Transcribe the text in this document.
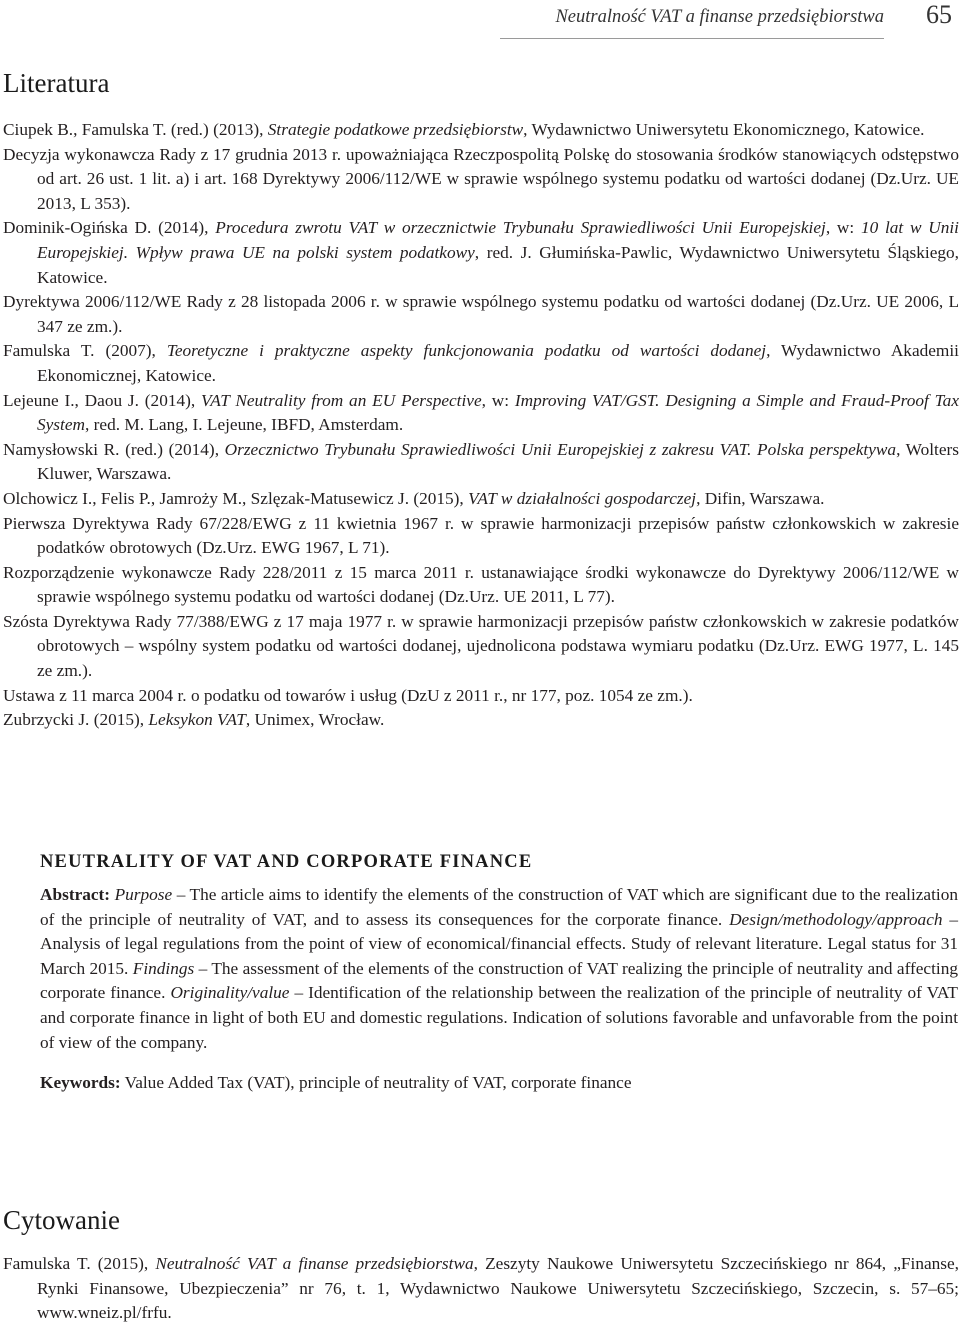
Neutralność VAT a finanse przedsiębiorstwa 65
Literatura

Ciupek B., Famulska T. (red.) (2013), Strategie podatkowe przedsiębiorstw, Wydawnictwo Uniwersytetu Ekonomicznego, Katowice.

Decyzja wykonawcza Rady z 17 grudnia 2013 r. upoważniająca Rzeczpospolitą Polskę do stosowania środków stanowiących odstępstwo od art. 26 ust. 1 lit. a) i art. 168 Dyrektywy 2006/112/WE w sprawie wspólnego systemu podatku od wartości dodanej (Dz.Urz. UE 2013, L 353).

Dominik-Ogińska D. (2014), Procedura zwrotu VAT w orzecznictwie Trybunału Sprawiedliwości Unii Europejskiej, w: 10 lat w Unii Europejskiej. Wpływ prawa UE na polski system podatkowy, red. J. Głumińska-Pawlic, Wydawnictwo Uniwersytetu Śląskiego, Katowice.

Dyrektywa 2006/112/WE Rady z 28 listopada 2006 r. w sprawie wspólnego systemu podatku od wartości dodanej (Dz.Urz. UE 2006, L 347 ze zm.).

Famulska T. (2007), Teoretyczne i praktyczne aspekty funkcjonowania podatku od wartości dodanej, Wydawnictwo Akademii Ekonomicznej, Katowice.

Lejeune I., Daou J. (2014), VAT Neutrality from an EU Perspective, w: Improving VAT/GST. Designing a Simple and Fraud-Proof Tax System, red. M. Lang, I. Lejeune, IBFD, Amsterdam.

Namysłowski R. (red.) (2014), Orzecznictwo Trybunału Sprawiedliwości Unii Europejskiej z zakresu VAT. Polska perspektywa, Wolters Kluwer, Warszawa.

Olchowicz I., Felis P., Jamroży M., Szlęzak-Matusewicz J. (2015), VAT w działalności gospodarczej, Difin, Warszawa.

Pierwsza Dyrektywa Rady 67/228/EWG z 11 kwietnia 1967 r. w sprawie harmonizacji przepisów państw członkowskich w zakresie podatków obrotowych (Dz.Urz. EWG 1967, L 71).

Rozporządzenie wykonawcze Rady 228/2011 z 15 marca 2011 r. ustanawiające środki wykonawcze do Dyrektywy 2006/112/WE w sprawie wspólnego systemu podatku od wartości dodanej (Dz.Urz. UE 2011, L 77).

Szósta Dyrektywa Rady 77/388/EWG z 17 maja 1977 r. w sprawie harmonizacji przepisów państw członkowskich w zakresie podatków obrotowych – wspólny system podatku od wartości dodanej, ujednolicona podstawa wymiaru podatku (Dz.Urz. EWG 1977, L. 145 ze zm.).

Ustawa z 11 marca 2004 r. o podatku od towarów i usług (DzU z 2011 r., nr 177, poz. 1054 ze zm.).

Zubrzycki J. (2015), Leksykon VAT, Unimex, Wrocław.

NEUTRALITY OF VAT AND CORPORATE FINANCE

Abstract: Purpose – The article aims to identify the elements of the construction of VAT which are significant due to the realization of the principle of neutrality of VAT, and to assess its consequences for the corporate finance. Design/methodology/approach – Analysis of legal regulations from the point of view of economical/financial effects. Study of relevant literature. Legal status for 31 March 2015. Findings – The assessment of the elements of the construction of VAT realizing the principle of neutrality and affecting corporate finance. Originality/value – Identification of the relationship between the realization of the principle of neutrality of VAT and corporate finance in light of both EU and domestic regulations. Indication of solutions favorable and unfavorable from the point of view of the company.

Keywords: Value Added Tax (VAT), principle of neutrality of VAT, corporate finance

Cytowanie

Famulska T. (2015), Neutralność VAT a finanse przedsiębiorstwa, Zeszyty Naukowe Uniwersytetu Szczecińskiego nr 864, „Finanse, Rynki Finansowe, Ubezpieczenia” nr 76, t. 1, Wydawnictwo Naukowe Uniwersytetu Szczecińskiego, Szczecin, s. 57–65; www.wneiz.pl/frfu.
